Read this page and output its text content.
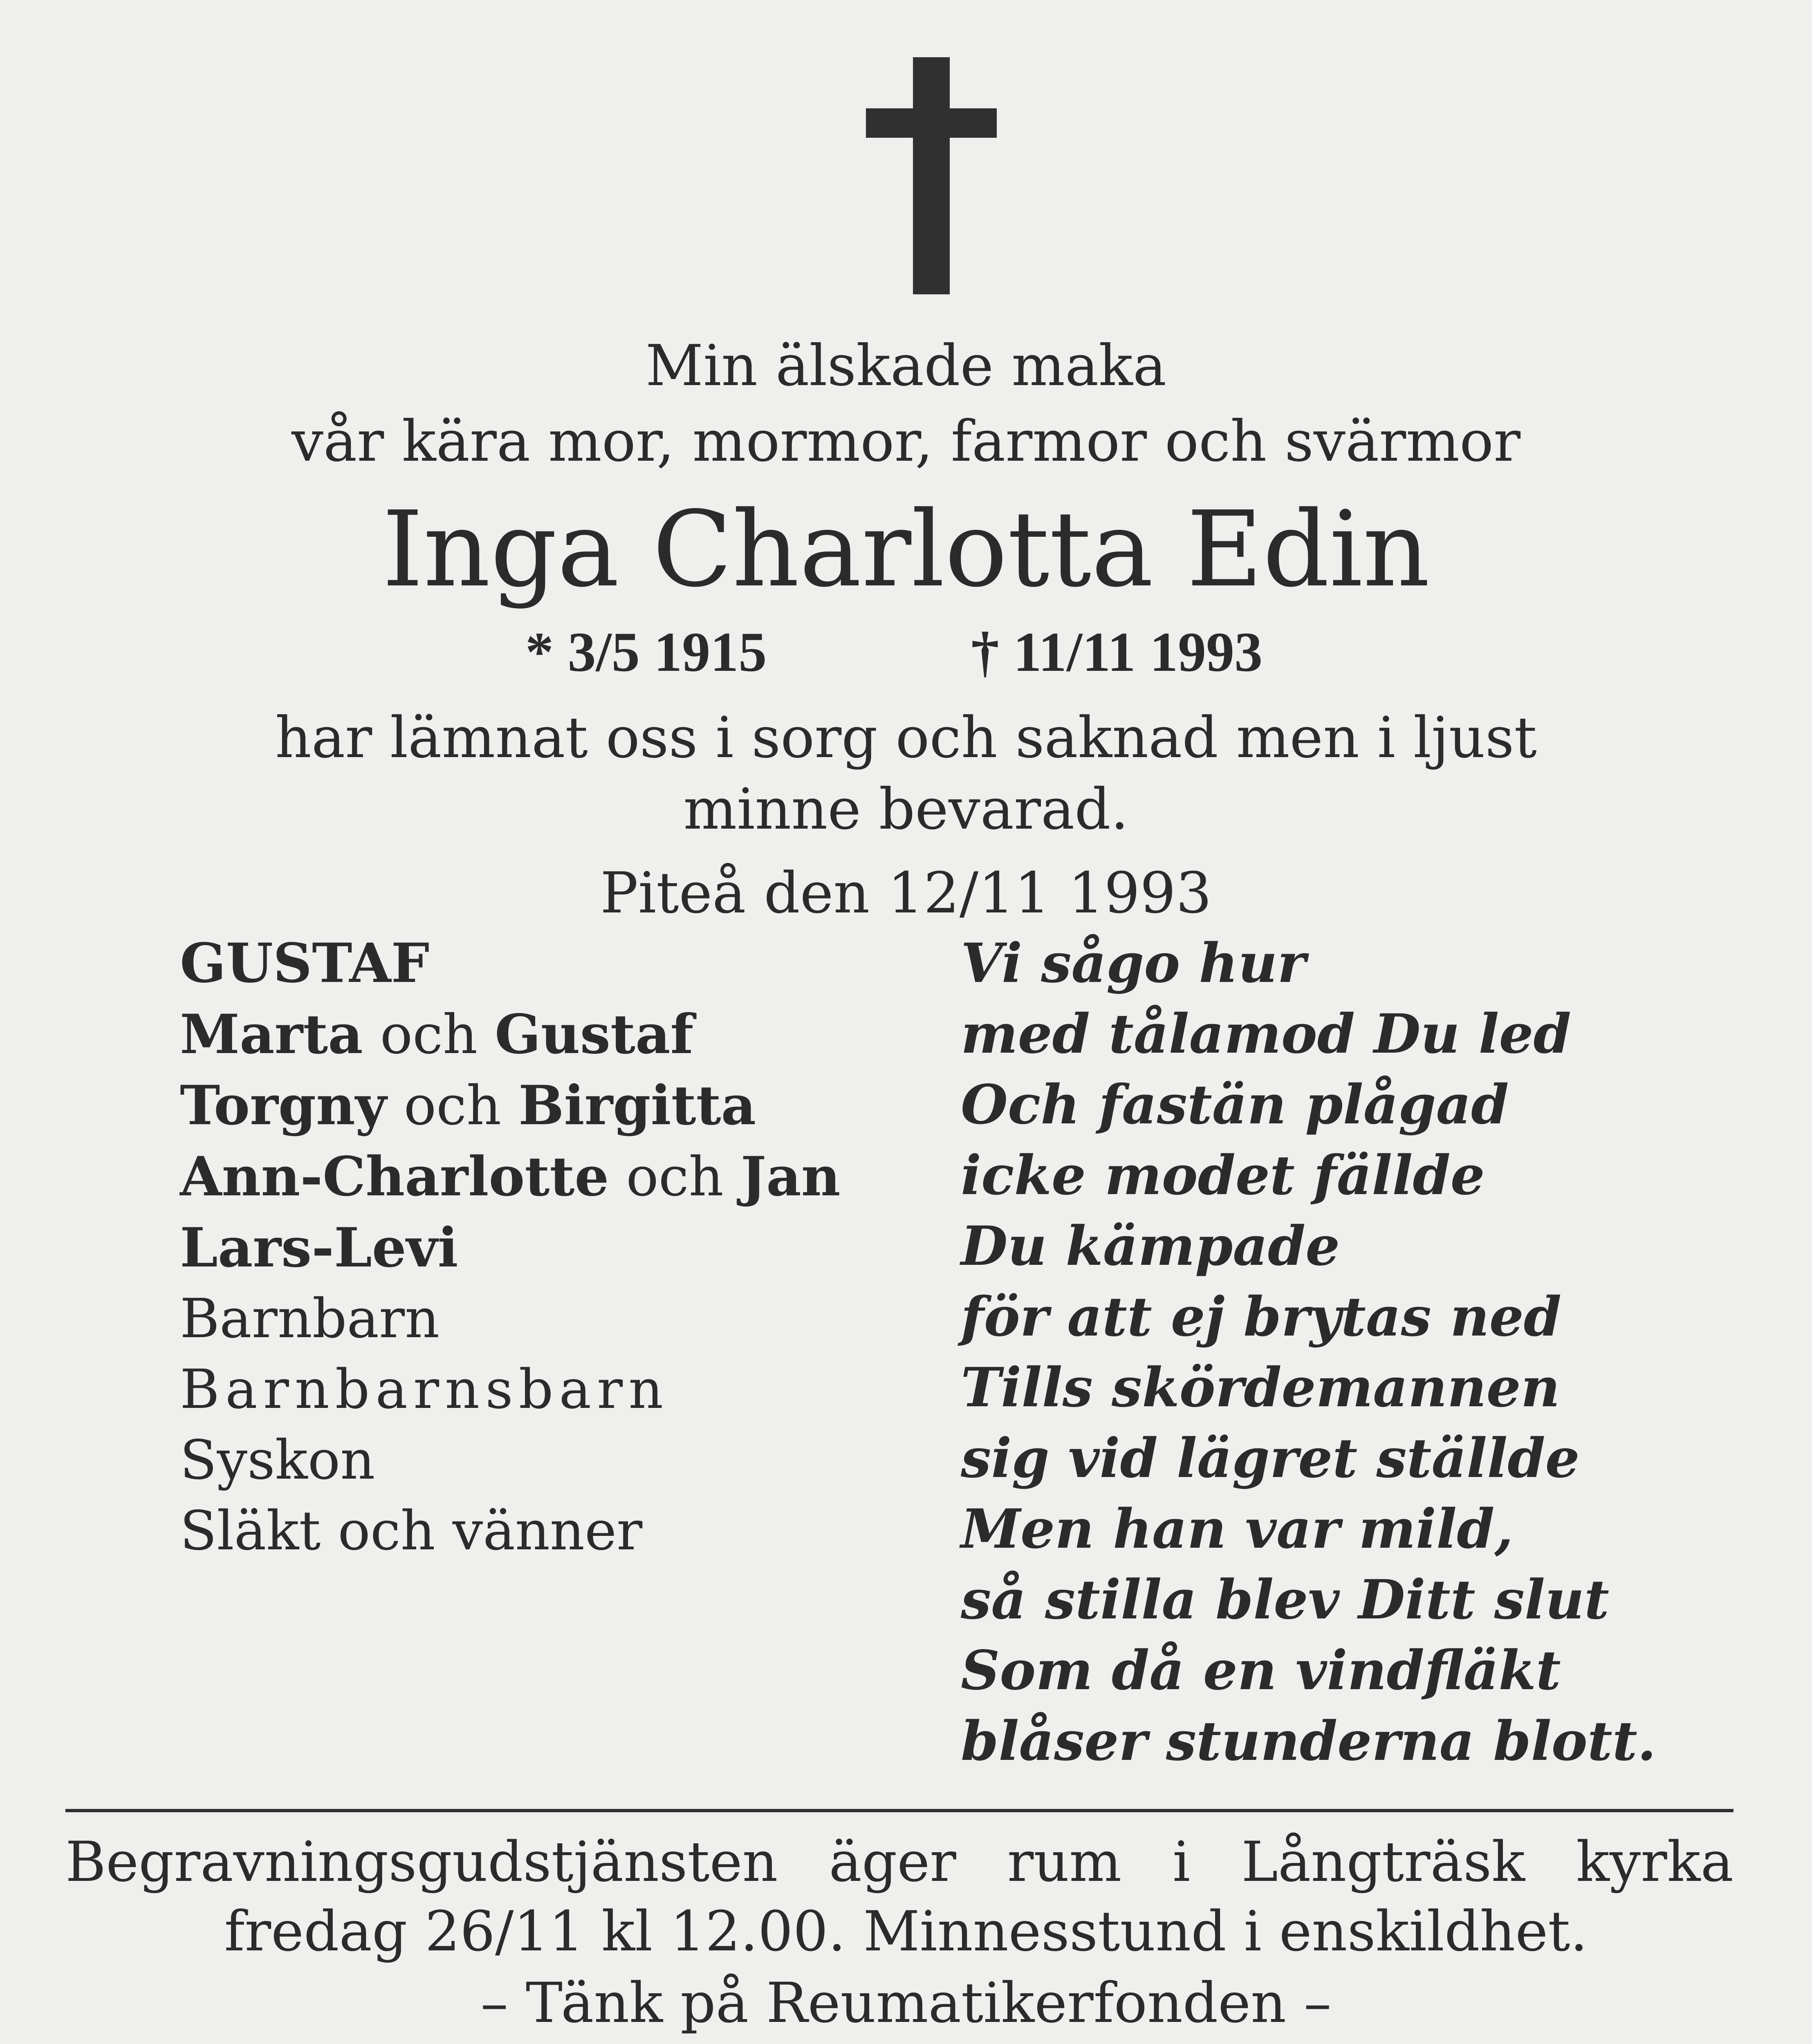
Min älskade maka
vår kära mor, mormor, farmor och svärmor
Inga Charlotta Edin
* 3/5 1915	† 11/11 1993
har lämnat oss i sorg och saknad men i ljust
minne bevarad.
Piteå den 12/11 1993
GUSTAF
Marta och Gustaf
Torgny och Birgitta
Ann-Charlotte och Jan
Lars-Levi
Barnbarn
Barnbarnsbarn
Syskon
Släkt och vänner
Vi sågo hur
med tålamod Du led
Och fastän plågad
icke modet fällde
Du kämpade
för att ej brytas ned
Tills skördemannen
sig vid lägret ställde
Men han var mild,
så stilla blev Ditt slut
Som då en vindfläkt
blåser stunderna blott.
Begravningsgudstjänsten äger rum i Långträsk kyrka
fredag 26/11 kl 12.00. Minnesstund i enskildhet.
– Tänk på Reumatikerfonden –
